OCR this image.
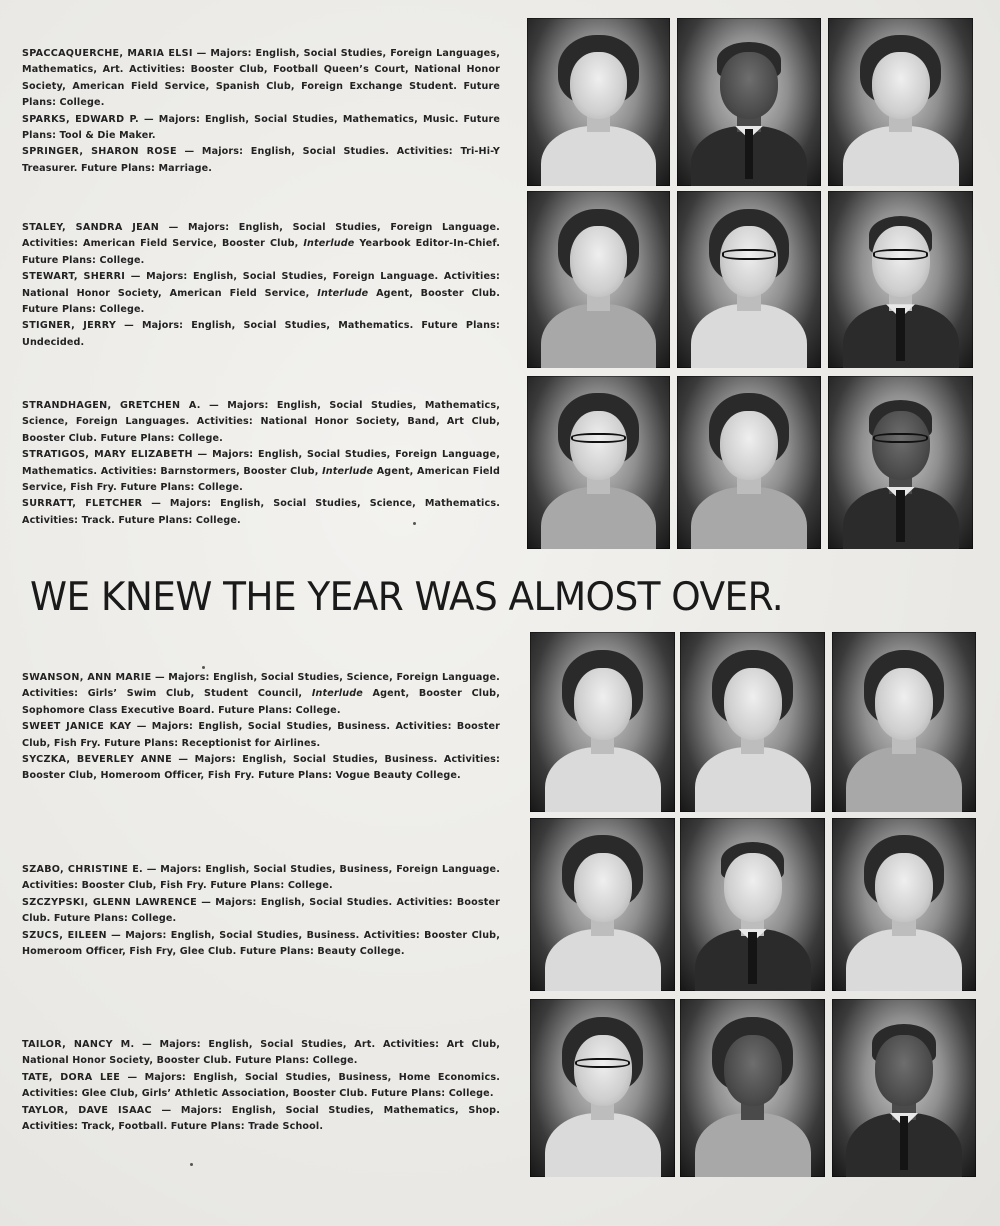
SPACCAQUERCHE, MARIA ELSI — Majors: English, Social Studies, Foreign Languages, Mathematics, Art. Activities: Booster Club, Football Queen’s Court, National Honor Society, American Field Service, Spanish Club, Foreign Exchange Student. Future Plans: College.

SPARKS, EDWARD P. — Majors: English, Social Studies, Mathematics, Music. Future Plans: Tool & Die Maker.

SPRINGER, SHARON ROSE — Majors: English, Social Studies. Activities: Tri-Hi-Y Treasurer. Future Plans: Marriage.

STALEY, SANDRA JEAN — Majors: English, Social Studies, Foreign Language. Activities: American Field Service, Booster Club, Interlude Yearbook Editor-In-Chief. Future Plans: College.

STEWART, SHERRI — Majors: English, Social Studies, Foreign Language. Activities: National Honor Society, American Field Service, Interlude Agent, Booster Club. Future Plans: College.

STIGNER, JERRY — Majors: English, Social Studies, Mathematics. Future Plans: Undecided.

STRANDHAGEN, GRETCHEN A. — Majors: English, Social Studies, Mathematics, Science, Foreign Languages. Activities: National Honor Society, Band, Art Club, Booster Club. Future Plans: College.

STRATIGOS, MARY ELIZABETH — Majors: English, Social Studies, Foreign Language, Mathematics. Activities: Barnstormers, Booster Club, Interlude Agent, American Field Service, Fish Fry. Future Plans: College.

SURRATT, FLETCHER — Majors: English, Social Studies, Science, Mathematics. Activities: Track. Future Plans: College.

WE KNEW THE YEAR WAS ALMOST OVER.

SWANSON, ANN MARIE — Majors: English, Social Studies, Science, Foreign Language. Activities: Girls’ Swim Club, Student Council, Interlude Agent, Booster Club, Sophomore Class Executive Board. Future Plans: College.

SWEET JANICE KAY — Majors: English, Social Studies, Business. Activities: Booster Club, Fish Fry. Future Plans: Receptionist for Airlines.

SYCZKA, BEVERLEY ANNE — Majors: English, Social Studies, Business. Activities: Booster Club, Homeroom Officer, Fish Fry. Future Plans: Vogue Beauty College.

SZABO, CHRISTINE E. — Majors: English, Social Studies, Business, Foreign Language. Activities: Booster Club, Fish Fry. Future Plans: College.

SZCZYPSKI, GLENN LAWRENCE — Majors: English, Social Studies. Activities: Booster Club. Future Plans: College.

SZUCS, EILEEN — Majors: English, Social Studies, Business. Activities: Booster Club, Homeroom Officer, Fish Fry, Glee Club. Future Plans: Beauty College.

TAILOR, NANCY M. — Majors: English, Social Studies, Art. Activities: Art Club, National Honor Society, Booster Club. Future Plans: College.

TATE, DORA LEE — Majors: English, Social Studies, Business, Home Economics. Activities: Glee Club, Girls’ Athletic Association, Booster Club. Future Plans: College.

TAYLOR, DAVE ISAAC — Majors: English, Social Studies, Mathematics, Shop. Activities: Track, Football. Future Plans: Trade School.
